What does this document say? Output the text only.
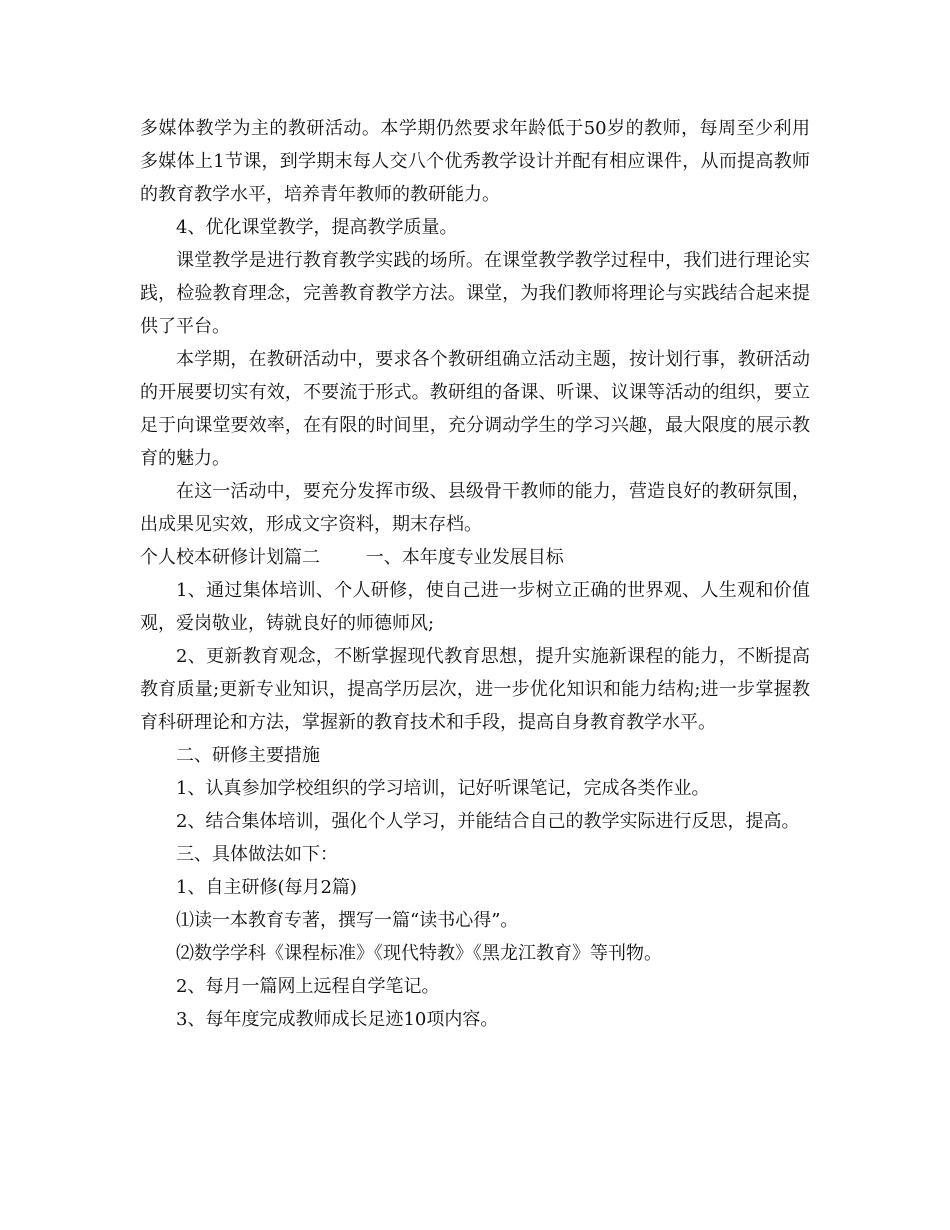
多媒体教学为主的教研活动。本学期仍然要求年龄低于50岁的教师，每周至少利用多媒体上1节课，到学期末每人交八个优秀教学设计并配有相应课件，从而提高教师的教育教学水平，培养青年教师的教研能力。

4、优化课堂教学，提高教学质量。

课堂教学是进行教育教学实践的场所。在课堂教学教学过程中，我们进行理论实践，检验教育理念，完善教育教学方法。课堂，为我们教师将理论与实践结合起来提供了平台。

本学期，在教研活动中，要求各个教研组确立活动主题，按计划行事，教研活动的开展要切实有效，不要流于形式。教研组的备课、听课、议课等活动的组织，要立足于向课堂要效率，在有限的时间里，充分调动学生的学习兴趣，最大限度的展示教育的魅力。

在这一活动中，要充分发挥市级、县级骨干教师的能力，营造良好的教研氛围，出成果见实效，形成文字资料，期末存档。

个人校本研修计划篇二	一、本年度专业发展目标

1、通过集体培训、个人研修，使自己进一步树立正确的世界观、人生观和价值观，爱岗敬业，铸就良好的师德师风;

2、更新教育观念，不断掌握现代教育思想，提升实施新课程的能力，不断提高教育质量;更新专业知识，提高学历层次，进一步优化知识和能力结构;进一步掌握教育科研理论和方法，掌握新的教育技术和手段，提高自身教育教学水平。

二、研修主要措施

1、认真参加学校组织的学习培训，记好听课笔记，完成各类作业。

2、结合集体培训，强化个人学习，并能结合自己的教学实际进行反思，提高。

三、具体做法如下：

1、自主研修(每月2篇)

⑴读一本教育专著，撰写一篇“读书心得”。

⑵数学学科《课程标准》《现代特教》《黑龙江教育》等刊物。

2、每月一篇网上远程自学笔记。

3、每年度完成教师成长足迹10项内容。
